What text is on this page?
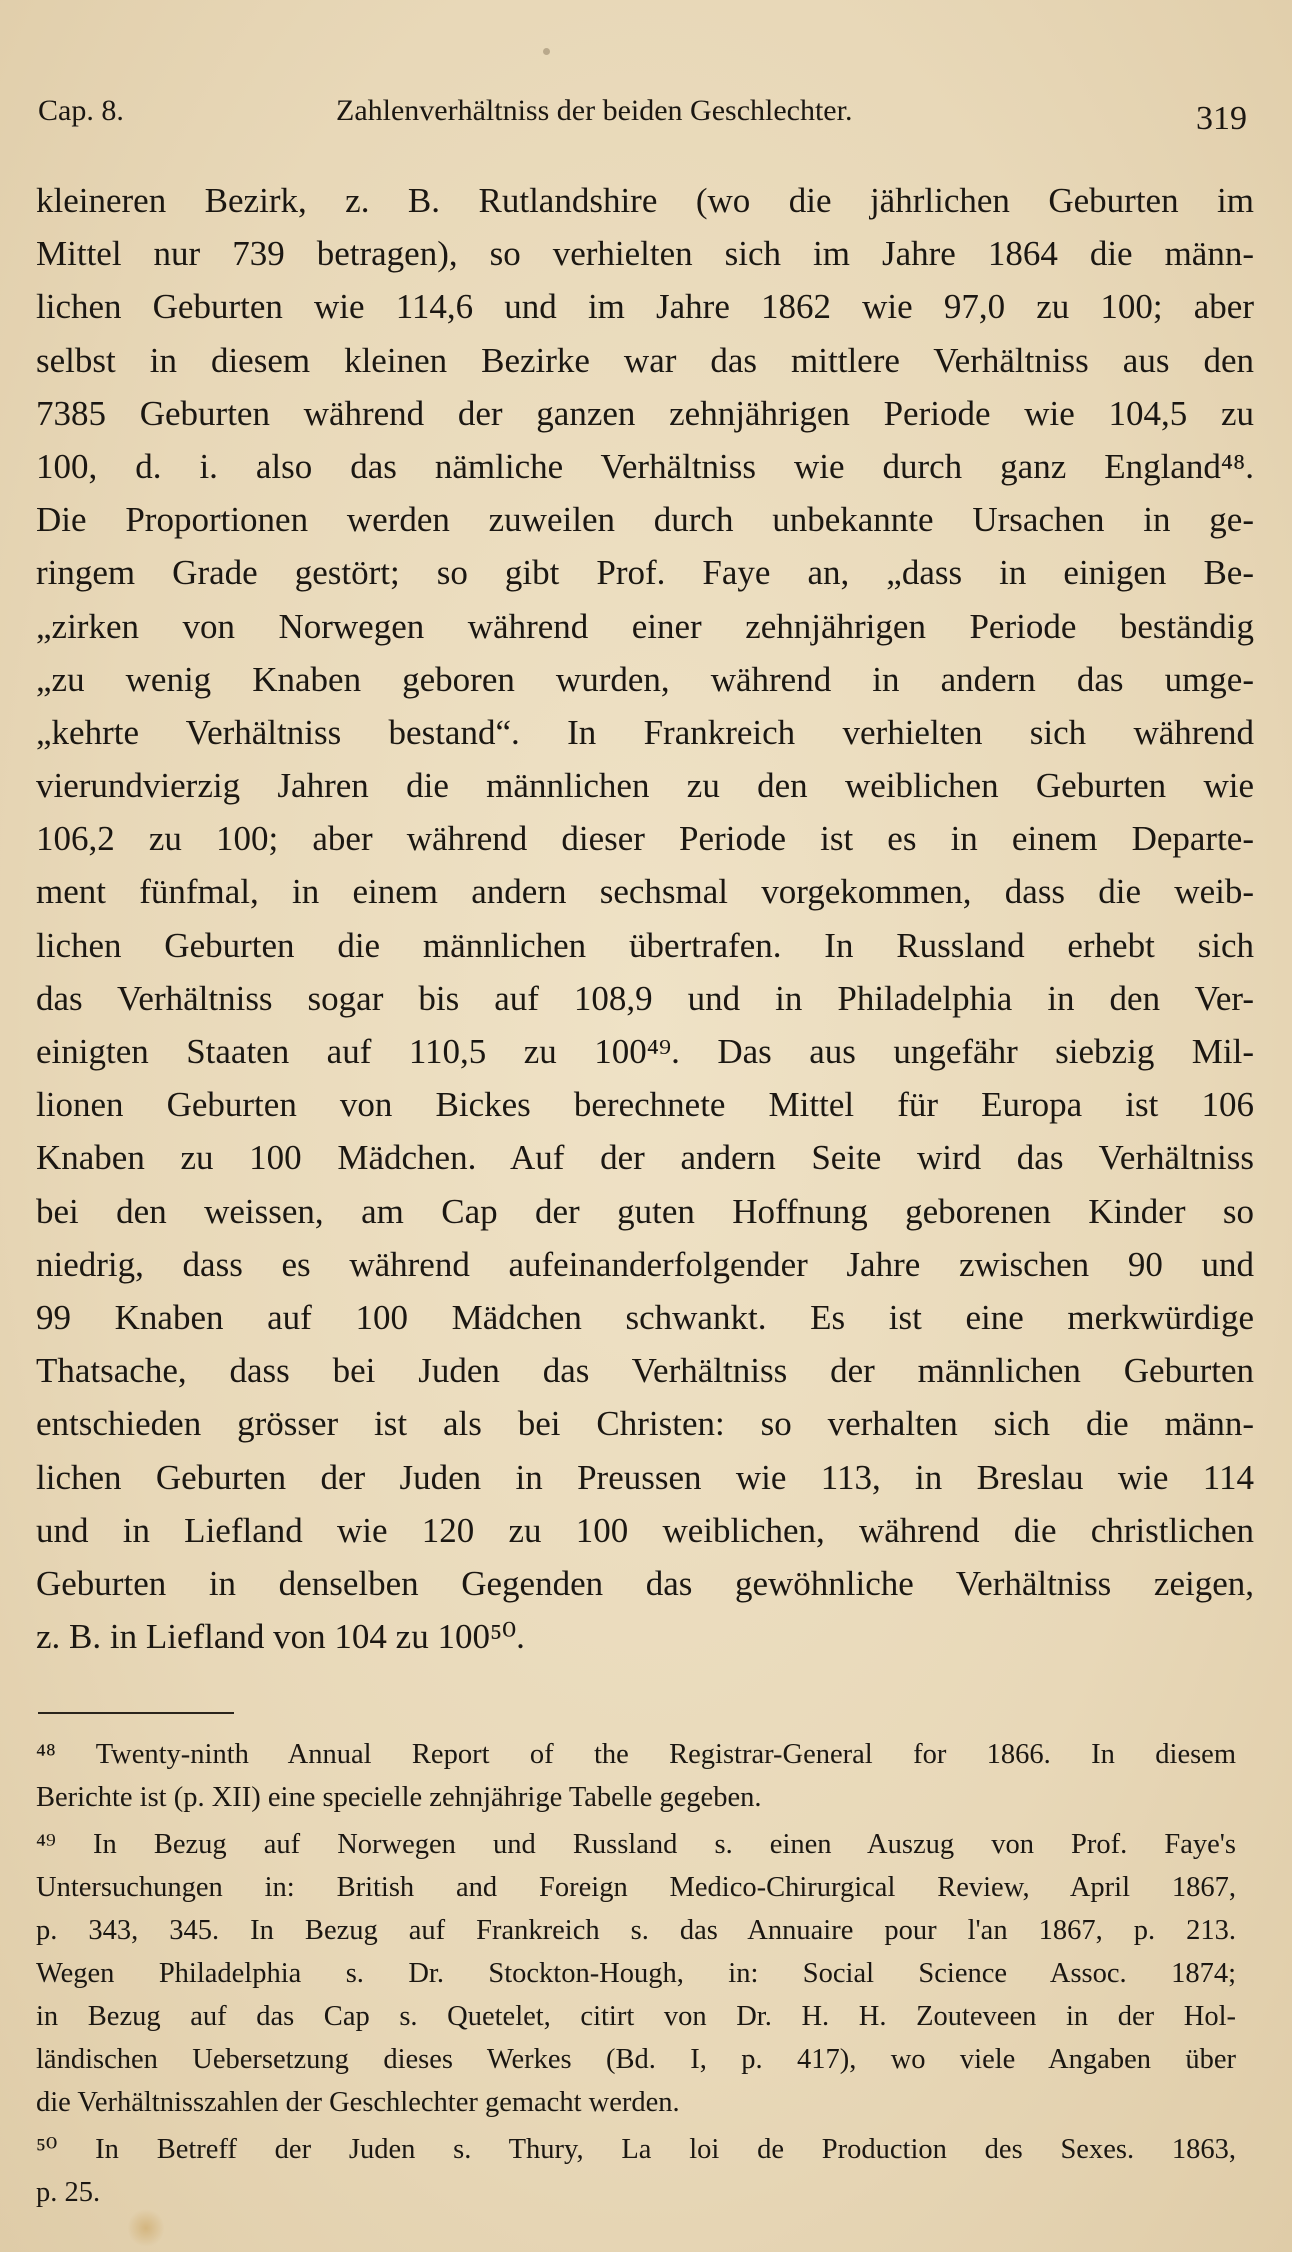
Cap. 8.	Zahlenverhältniss der beiden Geschlechter.	319
kleineren Bezirk, z. B. Rutlandshire (wo die jährlichen Geburten im
Mittel nur 739 betragen), so verhielten sich im Jahre 1864 die männ-
lichen Geburten wie 114,6 und im Jahre 1862 wie 97,0 zu 100; aber
selbst in diesem kleinen Bezirke war das mittlere Verhältniss aus den
7385 Geburten während der ganzen zehnjährigen Periode wie 104,5 zu
100, d. i. also das nämliche Verhältniss wie durch ganz England⁴⁸.
Die Proportionen werden zuweilen durch unbekannte Ursachen in ge-
ringem Grade gestört; so gibt Prof. Faye an, „dass in einigen Be-
„zirken von Norwegen während einer zehnjährigen Periode beständig
„zu wenig Knaben geboren wurden, während in andern das umge-
„kehrte Verhältniss bestand“. In Frankreich verhielten sich während
vierundvierzig Jahren die männlichen zu den weiblichen Geburten wie
106,2 zu 100; aber während dieser Periode ist es in einem Departe-
ment fünfmal, in einem andern sechsmal vorgekommen, dass die weib-
lichen Geburten die männlichen übertrafen. In Russland erhebt sich
das Verhältniss sogar bis auf 108,9 und in Philadelphia in den Ver-
einigten Staaten auf 110,5 zu 100⁴⁹. Das aus ungefähr siebzig Mil-
lionen Geburten von Bickes berechnete Mittel für Europa ist 106
Knaben zu 100 Mädchen. Auf der andern Seite wird das Verhältniss
bei den weissen, am Cap der guten Hoffnung geborenen Kinder so
niedrig, dass es während aufeinanderfolgender Jahre zwischen 90 und
99 Knaben auf 100 Mädchen schwankt. Es ist eine merkwürdige
Thatsache, dass bei Juden das Verhältniss der männlichen Geburten
entschieden grösser ist als bei Christen: so verhalten sich die männ-
lichen Geburten der Juden in Preussen wie 113, in Breslau wie 114
und in Liefland wie 120 zu 100 weiblichen, während die christlichen
Geburten in denselben Gegenden das gewöhnliche Verhältniss zeigen,
z. B. in Liefland von 104 zu 100⁵⁰.
⁴⁸ Twenty-ninth Annual Report of the Registrar-General for 1866. In diesem
Berichte ist (p. XII) eine specielle zehnjährige Tabelle gegeben.
⁴⁹ In Bezug auf Norwegen und Russland s. einen Auszug von Prof. Faye's
Untersuchungen in: British and Foreign Medico-Chirurgical Review, April 1867,
p. 343, 345. In Bezug auf Frankreich s. das Annuaire pour l'an 1867, p. 213.
Wegen Philadelphia s. Dr. Stockton-Hough, in: Social Science Assoc. 1874;
in Bezug auf das Cap s. Quetelet, citirt von Dr. H. H. Zouteveen in der Hol-
ländischen Uebersetzung dieses Werkes (Bd. I, p. 417), wo viele Angaben über
die Verhältnisszahlen der Geschlechter gemacht werden.
⁵⁰ In Betreff der Juden s. Thury, La loi de Production des Sexes. 1863,
p. 25.
